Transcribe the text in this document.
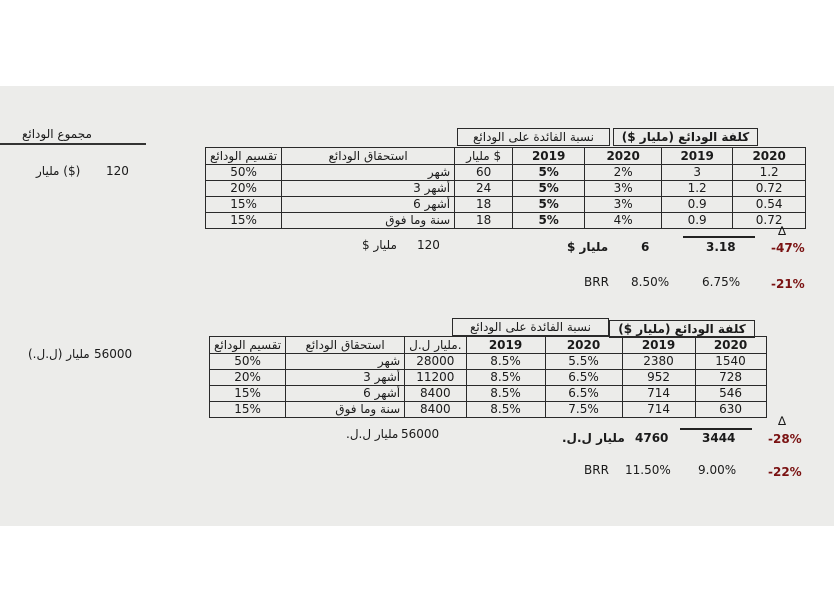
مجموع الودائع
مليار ($) 120
مليار (ل.ل.) 56000
نسبة الفائدة على الودائع كلفة الودائع (مليار $)
تقسيم الودائع	استحقاق الودائع	مليار $	2019	2020	2019	2020
50%	شهر	60	5%	2%	3	1.2
20%	أشهر 3	24	5%	3%	1.2	0.72
15%	أشهر 6	18	5%	3%	0.9	0.54
15%	سنة وما فوق	18	5%	4%	0.9	0.72
مليار $ 120	مليار $	6	3.18
∆
-47%
BRR 8.50%	6.75%	-21%
نسبة الفائدة على الودائع كلفة الودائع (مليار $)
تقسيم الودائع	استحقاق الودائع	مليار ل.ل.	2019	2020	2019	2020
50%	شهر	28000	8.5%	5.5%	2380	1540
20%	أشهر 3	11200	8.5%	6.5%	952	728
15%	أشهر 6	8400	8.5%	6.5%	714	546
15%	سنة وما فوق	8400	8.5%	7.5%	714	630
مليار ل.ل. 56000	مليار ل.ل. 4760	3444
∆
-28%
BRR 11.50% 9.00%	-22%
